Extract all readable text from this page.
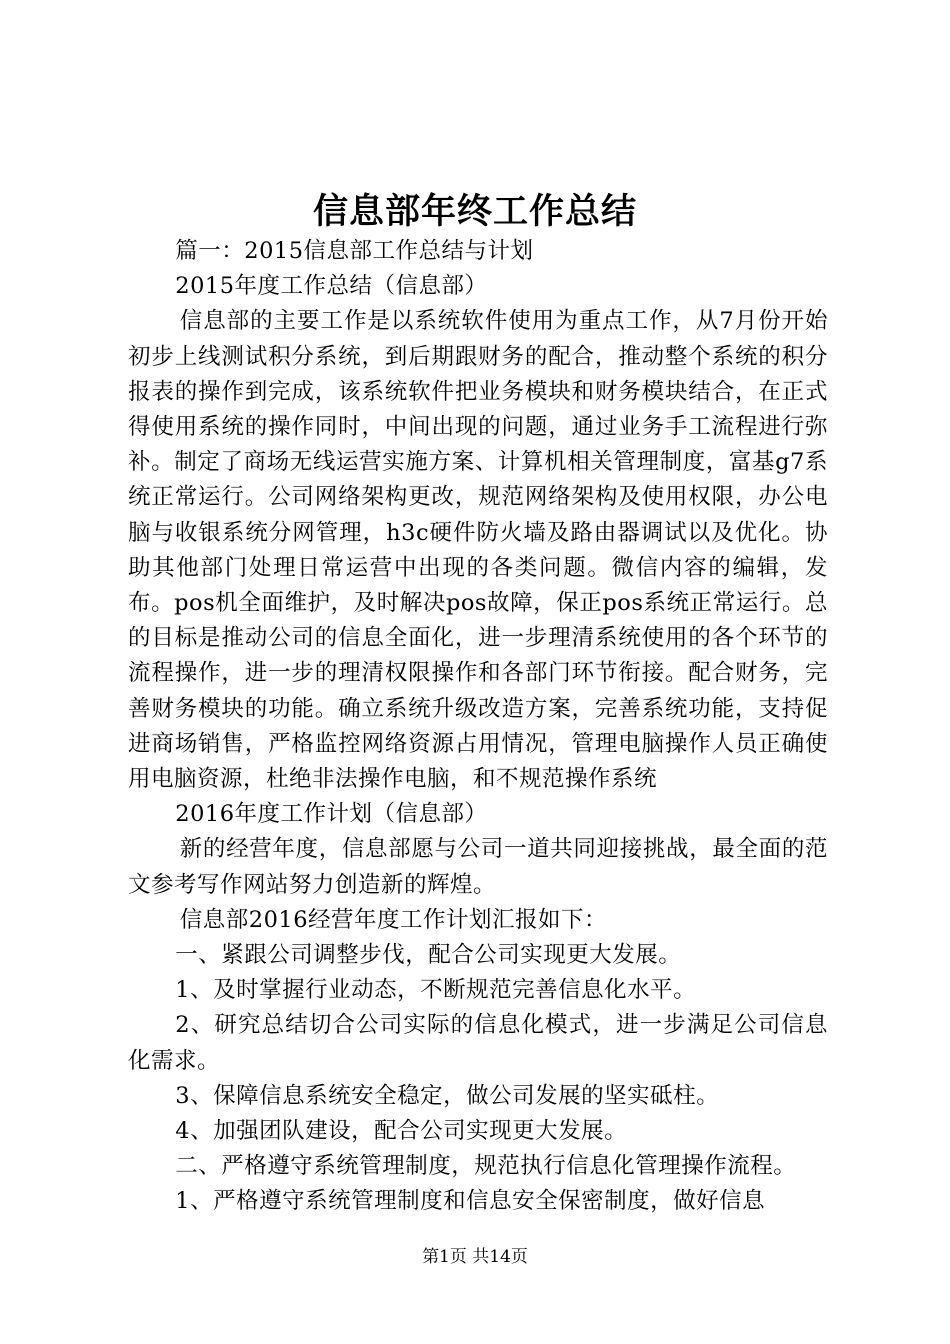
信息部年终工作总结

篇一：2015信息部工作总结与计划

2015年度工作总结（信息部）

信息部的主要工作是以系统软件使用为重点工作，从7月份开始初步上线测试积分系统，到后期跟财务的配合，推动整个系统的积分报表的操作到完成，该系统软件把业务模块和财务模块结合，在正式得使用系统的操作同时，中间出现的问题，通过业务手工流程进行弥补。制定了商场无线运营实施方案、计算机相关管理制度，富基g7系统正常运行。公司网络架构更改，规范网络架构及使用权限，办公电脑与收银系统分网管理，h3c硬件防火墙及路由器调试以及优化。协助其他部门处理日常运营中出现的各类问题。微信内容的编辑，发布。pos机全面维护，及时解决pos故障，保正pos系统正常运行。总的目标是推动公司的信息全面化，进一步理清系统使用的各个环节的流程操作，进一步的理清权限操作和各部门环节衔接。配合财务，完善财务模块的功能。确立系统升级改造方案，完善系统功能，支持促进商场销售，严格监控网络资源占用情况，管理电脑操作人员正确使用电脑资源，杜绝非法操作电脑，和不规范操作系统

2016年度工作计划（信息部）

新的经营年度，信息部愿与公司一道共同迎接挑战，最全面的范文参考写作网站努力创造新的辉煌。

信息部2016经营年度工作计划汇报如下：

一、紧跟公司调整步伐，配合公司实现更大发展。

1、及时掌握行业动态，不断规范完善信息化水平。

2、研究总结切合公司实际的信息化模式，进一步满足公司信息化需求。

3、保障信息系统安全稳定，做公司发展的坚实砥柱。

4、加强团队建设，配合公司实现更大发展。

二、严格遵守系统管理制度，规范执行信息化管理操作流程。

1、严格遵守系统管理制度和信息安全保密制度，做好信息

第1页 共14页
